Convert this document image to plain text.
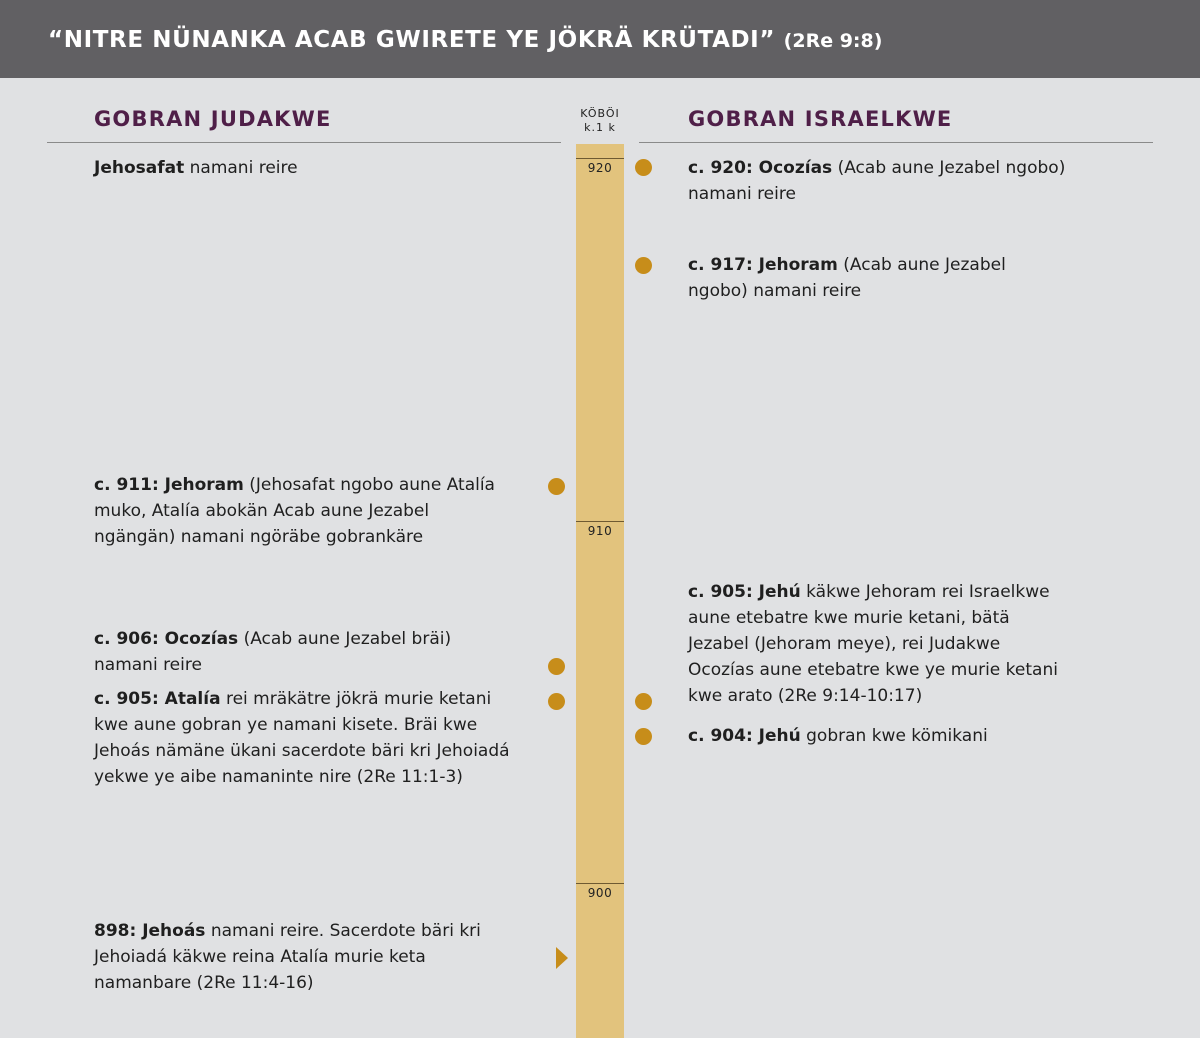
“NITRE NÜNANKA ACAB GWIRETE YE JÖKRÄ KRÜTADI” (2Re 9:8)
GOBRAN JUDAKWE	GOBRAN ISRAELKWE
KÖBÖI
k.1 k
920
910
900
Jehosafat namani reire
c. 911: Jehoram (Jehosafat ngobo aune Atalía muko, Atalía abokän Acab aune Jezabel ngängän) namani ngöräbe gobrankäre
c. 906: Ocozías (Acab aune Jezabel bräi) namani reire
c. 905: Atalía rei mräkätre jökrä murie ketani kwe aune gobran ye namani kisete. Bräi kwe Jehoás nämäne ükani sacerdote bäri kri Jehoiadá yekwe ye aibe namaninte nire (2Re 11:1-3)
898: Jehoás namani reire. Sacerdote bäri kri Jehoiadá käkwe reina Atalía murie keta namanbare (2Re 11:4-16)
c. 920: Ocozías (Acab aune Jezabel ngobo) namani reire
c. 917: Jehoram (Acab aune Jezabel ngobo) namani reire
c. 905: Jehú käkwe Jehoram rei Israelkwe aune etebatre kwe murie ketani, bätä Jezabel (Jehoram meye), rei Judakwe Ocozías aune etebatre kwe ye murie ketani kwe arato (2Re 9:14-10:17)
c. 904: Jehú gobran kwe kömikani
